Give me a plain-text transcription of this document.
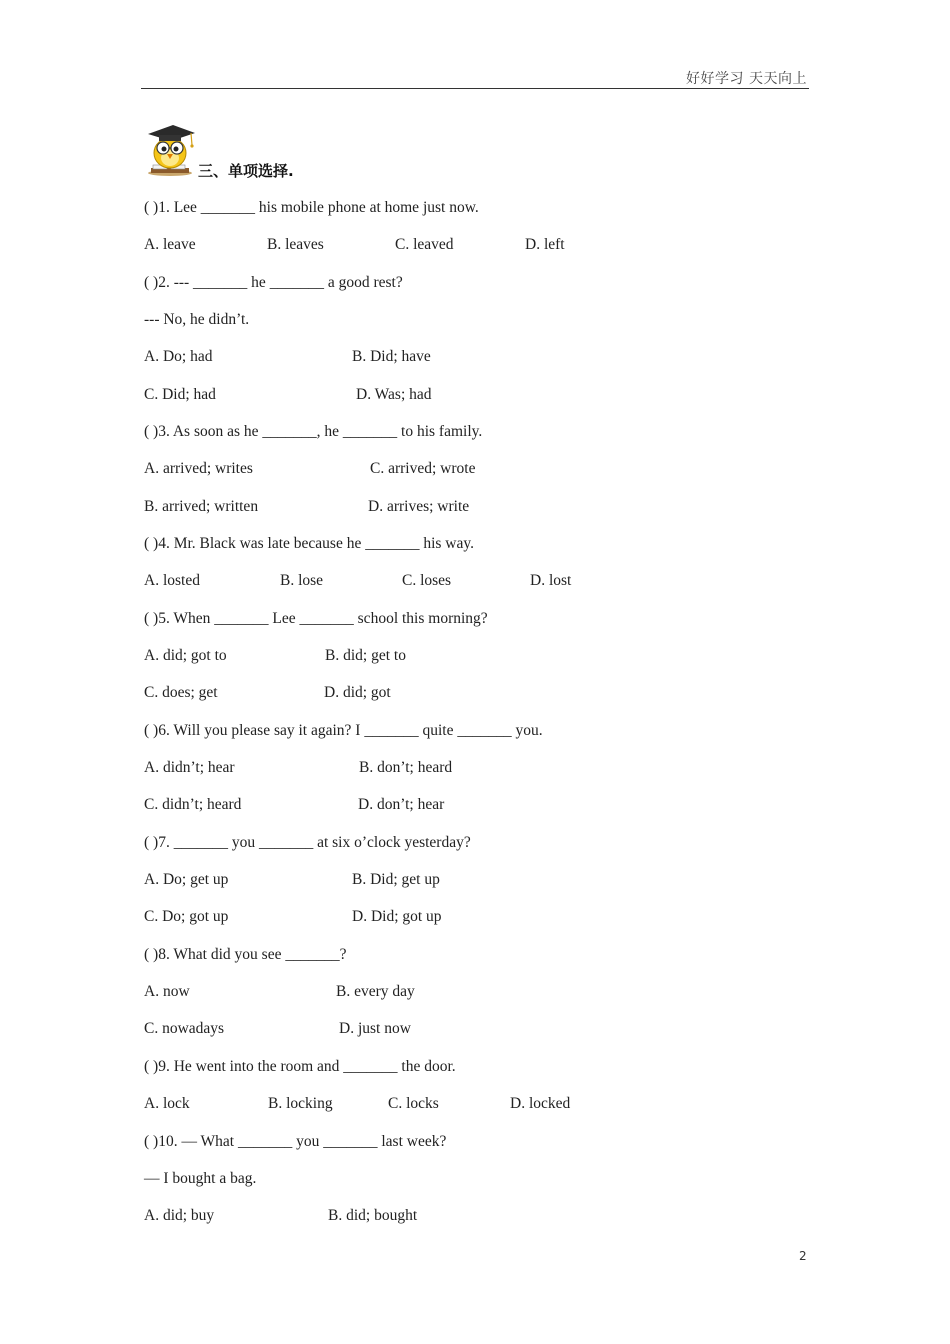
好好学习 天天向上
三、单项选择.
( )1. Lee _______ his mobile phone at home just now.
A. leave	B. leaves	C. leaved	D. left
( )2. --- _______ he _______ a good rest?
--- No, he didn’t.
A. Do; had	B. Did; have
C. Did; had	D. Was; had
( )3. As soon as he _______, he _______ to his family.
A. arrived; writes	C. arrived; wrote
B. arrived; written	D. arrives; write
( )4. Mr. Black was late because he _______ his way.
A. losted	B. lose	C. loses	D. lost
( )5. When _______ Lee _______ school this morning?
A. did; got to	B. did; get to
C. does; get	D. did; got
( )6. Will you please say it again? I _______ quite _______ you.
A. didn’t; hear	B. don’t; heard
C. didn’t; heard	D. don’t; hear
( )7. _______ you _______ at six o’clock yesterday?
A. Do; get up	B. Did; get up
C. Do; got up	D. Did; got up
( )8. What did you see _______?
A. now	B. every day
C. nowadays	D. just now
( )9. He went into the room and _______ the door.
A. lock	B. locking	C. locks	D. locked
( )10. — What _______ you _______ last week?
— I bought a bag.
A. did; buy	B. did; bought
2
